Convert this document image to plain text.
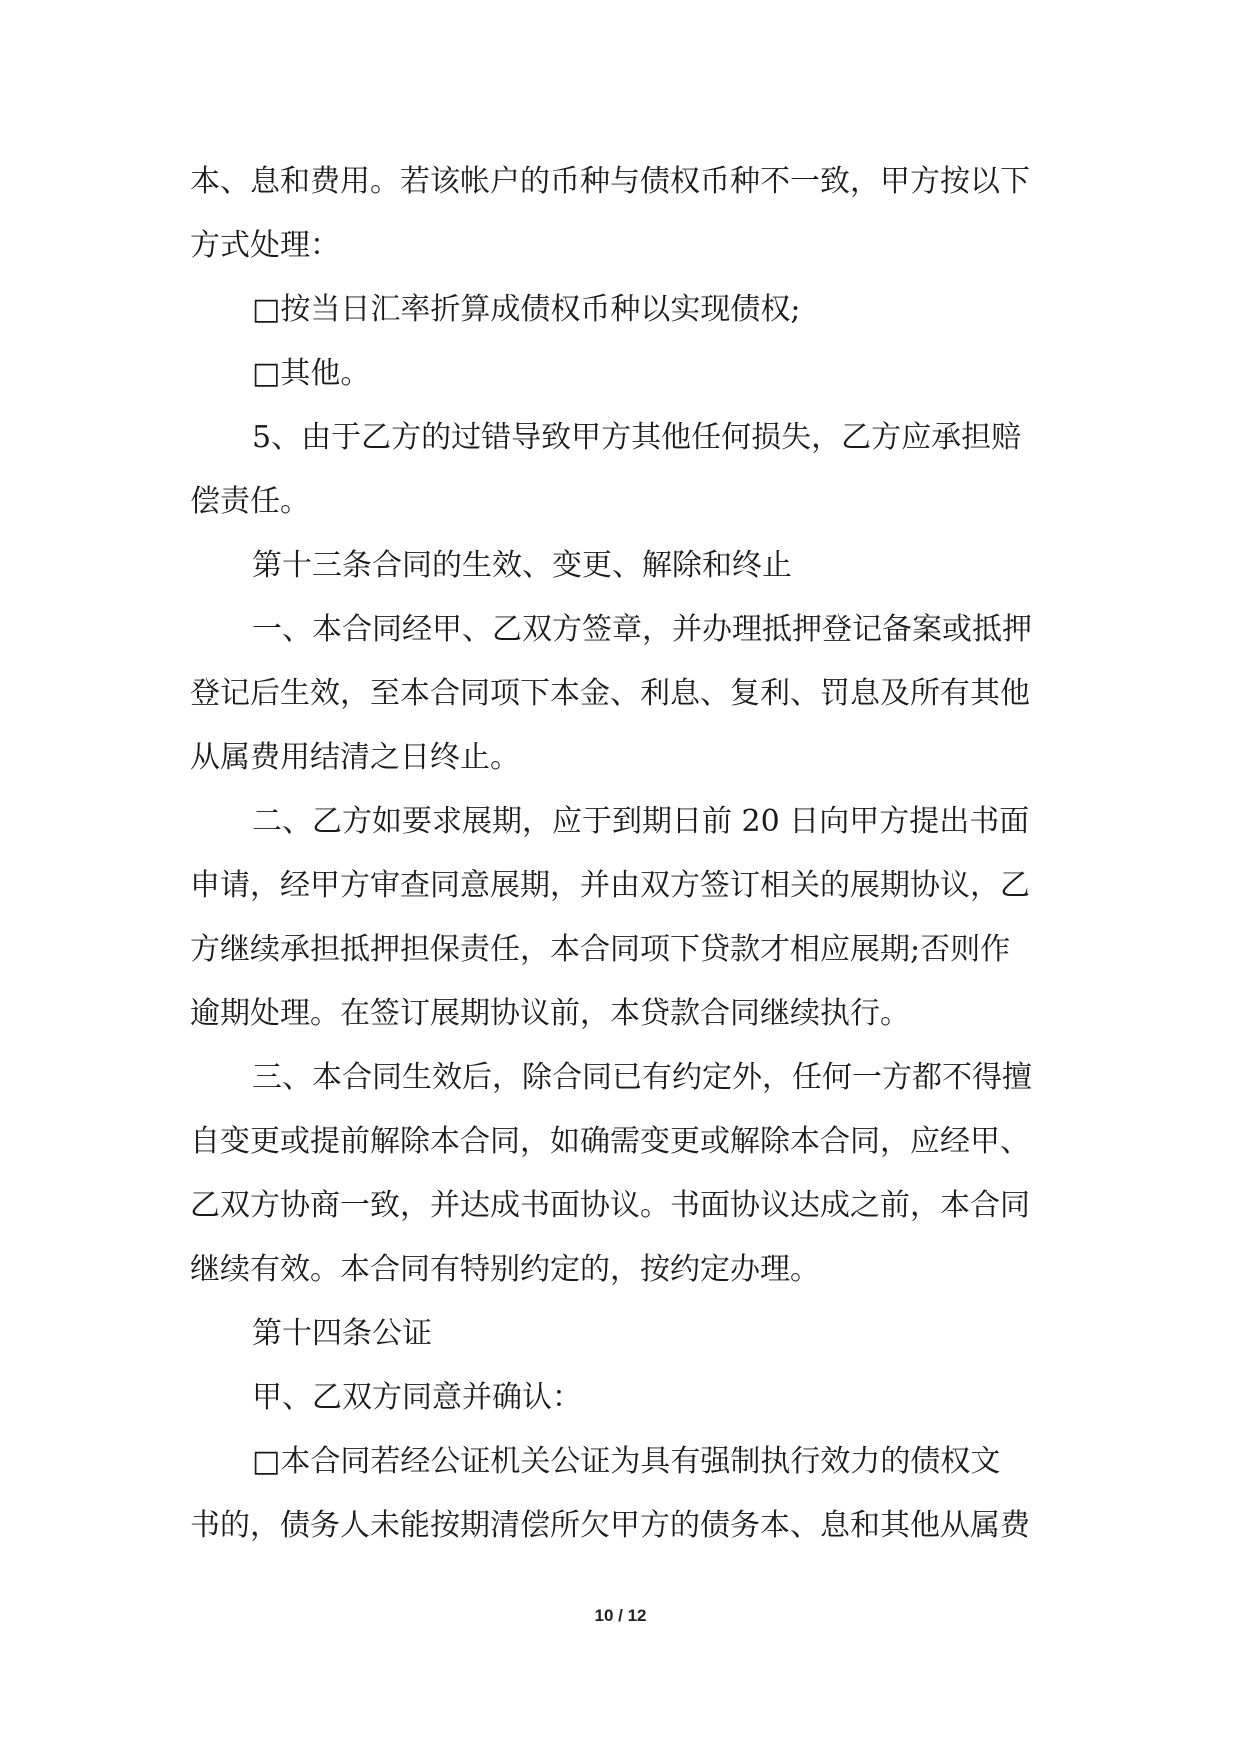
本、息和费用。若该帐户的币种与债权币种不一致，甲方按以下
方式处理：
□按当日汇率折算成债权币种以实现债权;
□其他。
5、由于乙方的过错导致甲方其他任何损失，乙方应承担赔
偿责任。
第十三条合同的生效、变更、解除和终止
一、本合同经甲、乙双方签章，并办理抵押登记备案或抵押
登记后生效，至本合同项下本金、利息、复利、罚息及所有其他
从属费用结清之日终止。
二、乙方如要求展期，应于到期日前 20 日向甲方提出书面
申请，经甲方审查同意展期，并由双方签订相关的展期协议，乙
方继续承担抵押担保责任，本合同项下贷款才相应展期;否则作
逾期处理。在签订展期协议前，本贷款合同继续执行。
三、本合同生效后，除合同已有约定外，任何一方都不得擅
自变更或提前解除本合同，如确需变更或解除本合同，应经甲、
乙双方协商一致，并达成书面协议。书面协议达成之前，本合同
继续有效。本合同有特别约定的，按约定办理。
第十四条公证
甲、乙双方同意并确认：
□本合同若经公证机关公证为具有强制执行效力的债权文
书的，债务人未能按期清偿所欠甲方的债务本、息和其他从属费
10 / 12
